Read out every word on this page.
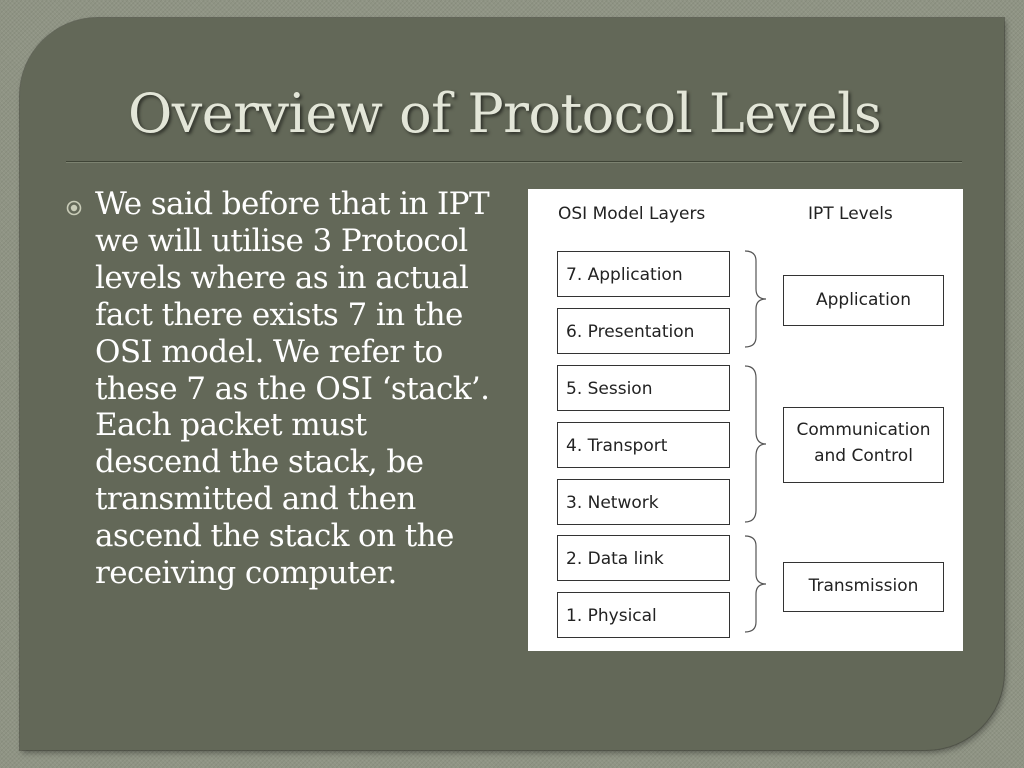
Overview of Protocol Levels

We said before that in IPT we will utilise 3 Protocol levels where as in actual fact there exists 7 in the OSI model. We refer to these 7 as the OSI ‘stack’. Each packet must descend the stack, be transmitted and then ascend the stack on the receiving computer.

OSI Model Layers	IPT Levels
7. Application
6. Presentation
5. Session
4. Transport
3. Network
2. Data link
1. Physical
Application
Communication
and Control
Transmission
